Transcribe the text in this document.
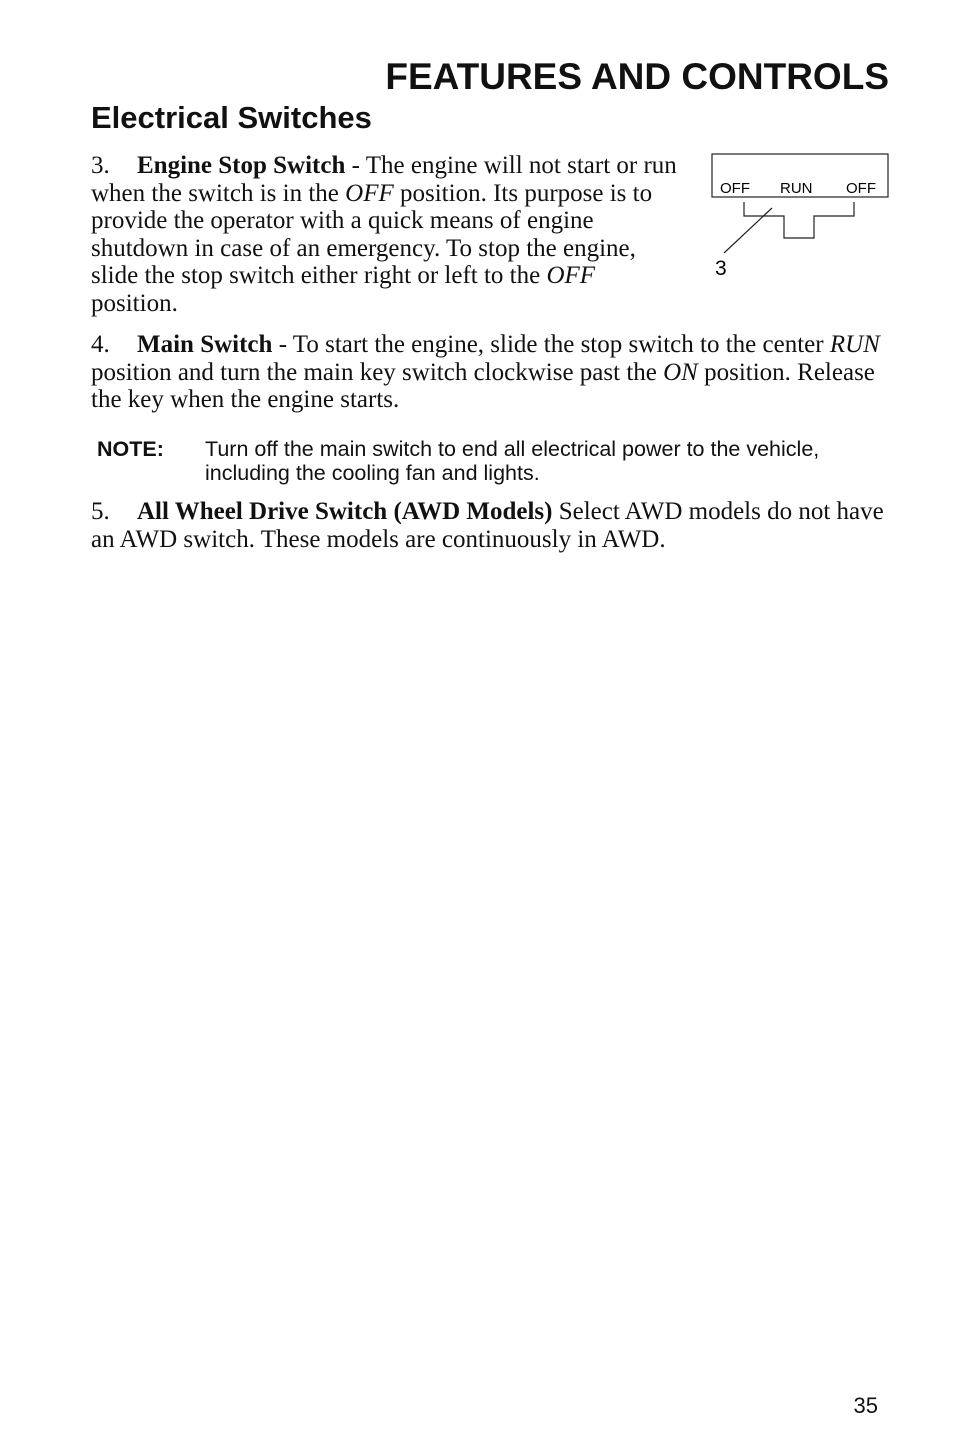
FEATURES AND CONTROLS
Electrical Switches

3. Engine Stop Switch - The engine will not start or run when the switch is in the OFF position. Its purpose is to provide the operator with a quick means of engine shutdown in case of an emergency. To stop the engine, slide the stop switch either right or left to the OFF position.

OFF RUN OFF
3

4. Main Switch - To start the engine, slide the stop switch to the center RUN position and turn the main key switch clockwise past the ON position. Release the key when the engine starts.

NOTE: Turn off the main switch to end all electrical power to the vehicle, including the cooling fan and lights.

5. All Wheel Drive Switch (AWD Models) Select AWD models do not have an AWD switch. These models are continuously in AWD.

35
